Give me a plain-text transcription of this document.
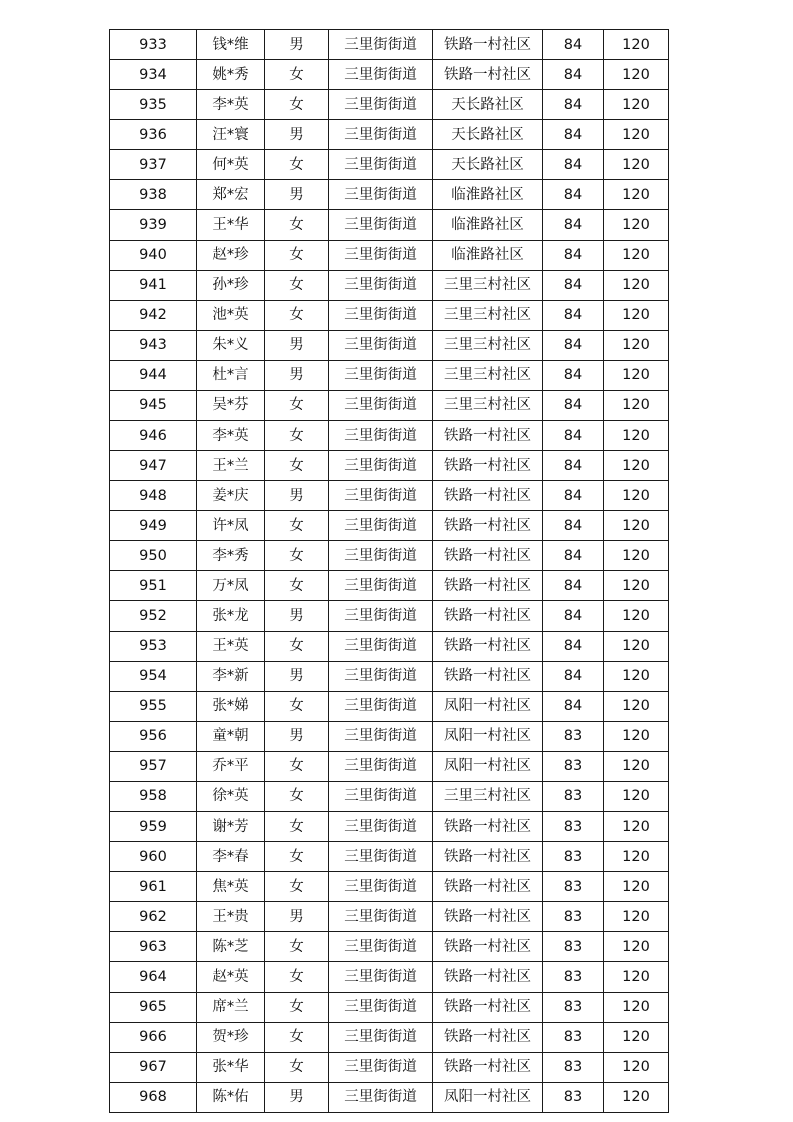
933	钱*维	男	三里街街道	铁路一村社区	84	120
934	姚*秀	女	三里街街道	铁路一村社区	84	120
935	李*英	女	三里街街道	天长路社区	84	120
936	汪*寰	男	三里街街道	天长路社区	84	120
937	何*英	女	三里街街道	天长路社区	84	120
938	郑*宏	男	三里街街道	临淮路社区	84	120
939	王*华	女	三里街街道	临淮路社区	84	120
940	赵*珍	女	三里街街道	临淮路社区	84	120
941	孙*珍	女	三里街街道	三里三村社区	84	120
942	池*英	女	三里街街道	三里三村社区	84	120
943	朱*义	男	三里街街道	三里三村社区	84	120
944	杜*言	男	三里街街道	三里三村社区	84	120
945	吴*芬	女	三里街街道	三里三村社区	84	120
946	李*英	女	三里街街道	铁路一村社区	84	120
947	王*兰	女	三里街街道	铁路一村社区	84	120
948	姜*庆	男	三里街街道	铁路一村社区	84	120
949	许*凤	女	三里街街道	铁路一村社区	84	120
950	李*秀	女	三里街街道	铁路一村社区	84	120
951	万*凤	女	三里街街道	铁路一村社区	84	120
952	张*龙	男	三里街街道	铁路一村社区	84	120
953	王*英	女	三里街街道	铁路一村社区	84	120
954	李*新	男	三里街街道	铁路一村社区	84	120
955	张*娣	女	三里街街道	凤阳一村社区	84	120
956	童*朝	男	三里街街道	凤阳一村社区	83	120
957	乔*平	女	三里街街道	凤阳一村社区	83	120
958	徐*英	女	三里街街道	三里三村社区	83	120
959	谢*芳	女	三里街街道	铁路一村社区	83	120
960	李*春	女	三里街街道	铁路一村社区	83	120
961	焦*英	女	三里街街道	铁路一村社区	83	120
962	王*贵	男	三里街街道	铁路一村社区	83	120
963	陈*芝	女	三里街街道	铁路一村社区	83	120
964	赵*英	女	三里街街道	铁路一村社区	83	120
965	席*兰	女	三里街街道	铁路一村社区	83	120
966	贺*珍	女	三里街街道	铁路一村社区	83	120
967	张*华	女	三里街街道	铁路一村社区	83	120
968	陈*佑	男	三里街街道	凤阳一村社区	83	120
